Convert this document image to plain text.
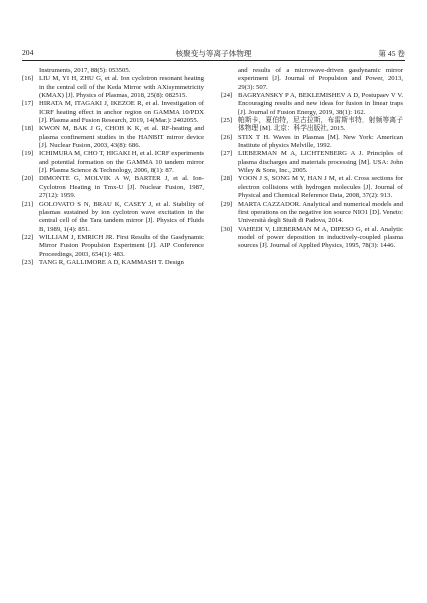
204	核聚变与等离子体物理	第 45 卷
Instruments, 2017, 88(5): 053505.
[16] LIU M, YI H, ZHU G, et al. Ion cyclotron resonant heating in the central cell of the Keda Mirror with AXisymmetricity (KMAX) [J]. Physics of Plasmas, 2018, 25(8): 082515.
[17] HIRATA M, ITAGAKI J, IKEZOE R, et al. Investigation of ICRF heating effect in anchor region on GAMMA 10/PDX [J]. Plasma and Fusion Research, 2019, 14(Mar.): 2402055.
[18] KWON M, BAK J G, CHOH K K, et al. RF-heating and plasma confinement studies in the HANBIT mirror device [J]. Nuclear Fusion, 2003, 43(8): 686.
[19] ICHIMURA M, CHO T, HIGAKI H, et al. ICRF experiments and potential formation on the GAMMA 10 tandem mirror [J]. Plasma Science & Technology, 2006, 8(1): 87.
[20] DIMONTE G, MOLVIK A W, BARTER J, et al. Ion-Cyclotron Heating in Tmx-U [J]. Nuclear Fusion, 1987, 27(12): 1959.
[21] GOLOVATO S N, BRAU K, CASEY J, et al. Stability of plasmas sustained by ion cyclotron wave excitation in the central cell of the Tara tandem mirror [J]. Physics of Fluids B, 1989, 1(4): 851.
[22] WILLIAM J, EMRICH JR. First Results of the Gasdynamic Mirror Fusion Propulsion Experiment [J]. AIP Conference Proceedings, 2003, 654(1): 483.
[23] TANG R, GALLIMORE A D, KAMMASH T. Design
and results of a microwave-driven gasdynamic mirror experiment [J]. Journal of Propulsion and Power, 2013, 29(3): 507.
[24] BAGRYANSKY P A, BEKLEMISHEV A D, Postupaev V V. Encouraging results and new ideas for fusion in linear traps [J]. Journal of Fusion Energy, 2019, 38(1): 162.
[25] 帕斯卡，夏伯特，尼古拉斯，布雷斯韦特．射频等离子体物理 [M]. 北京：科学出版社, 2015.
[26] STIX T H. Waves in Plasmas [M]. New York: American Institute of physics Melville, 1992.
[27] LIEBERMAN M A, LICHTENBERG A J. Principles of plasma discharges and materials processing [M]. USA: John Wiley & Sons, Inc., 2005.
[28] YOON J S, SONG M Y, HAN J M, et al. Cross sections for electron collisions with hydrogen molecules [J]. Journal of Physical and Chemical Reference Data, 2008, 37(2): 913.
[29] MARTA CAZZADOR. Analytical and numerical models and first operations on the negative ion source NIO1 [D]. Veneto: Università degli Studi di Padova, 2014.
[30] VAHEDI V, LIEBERMAN M A, DIPESO G, et al. Analytic model of power deposition in inductively-coupled plasma sources [J]. Journal of Applied Physics, 1995, 78(3): 1446.
